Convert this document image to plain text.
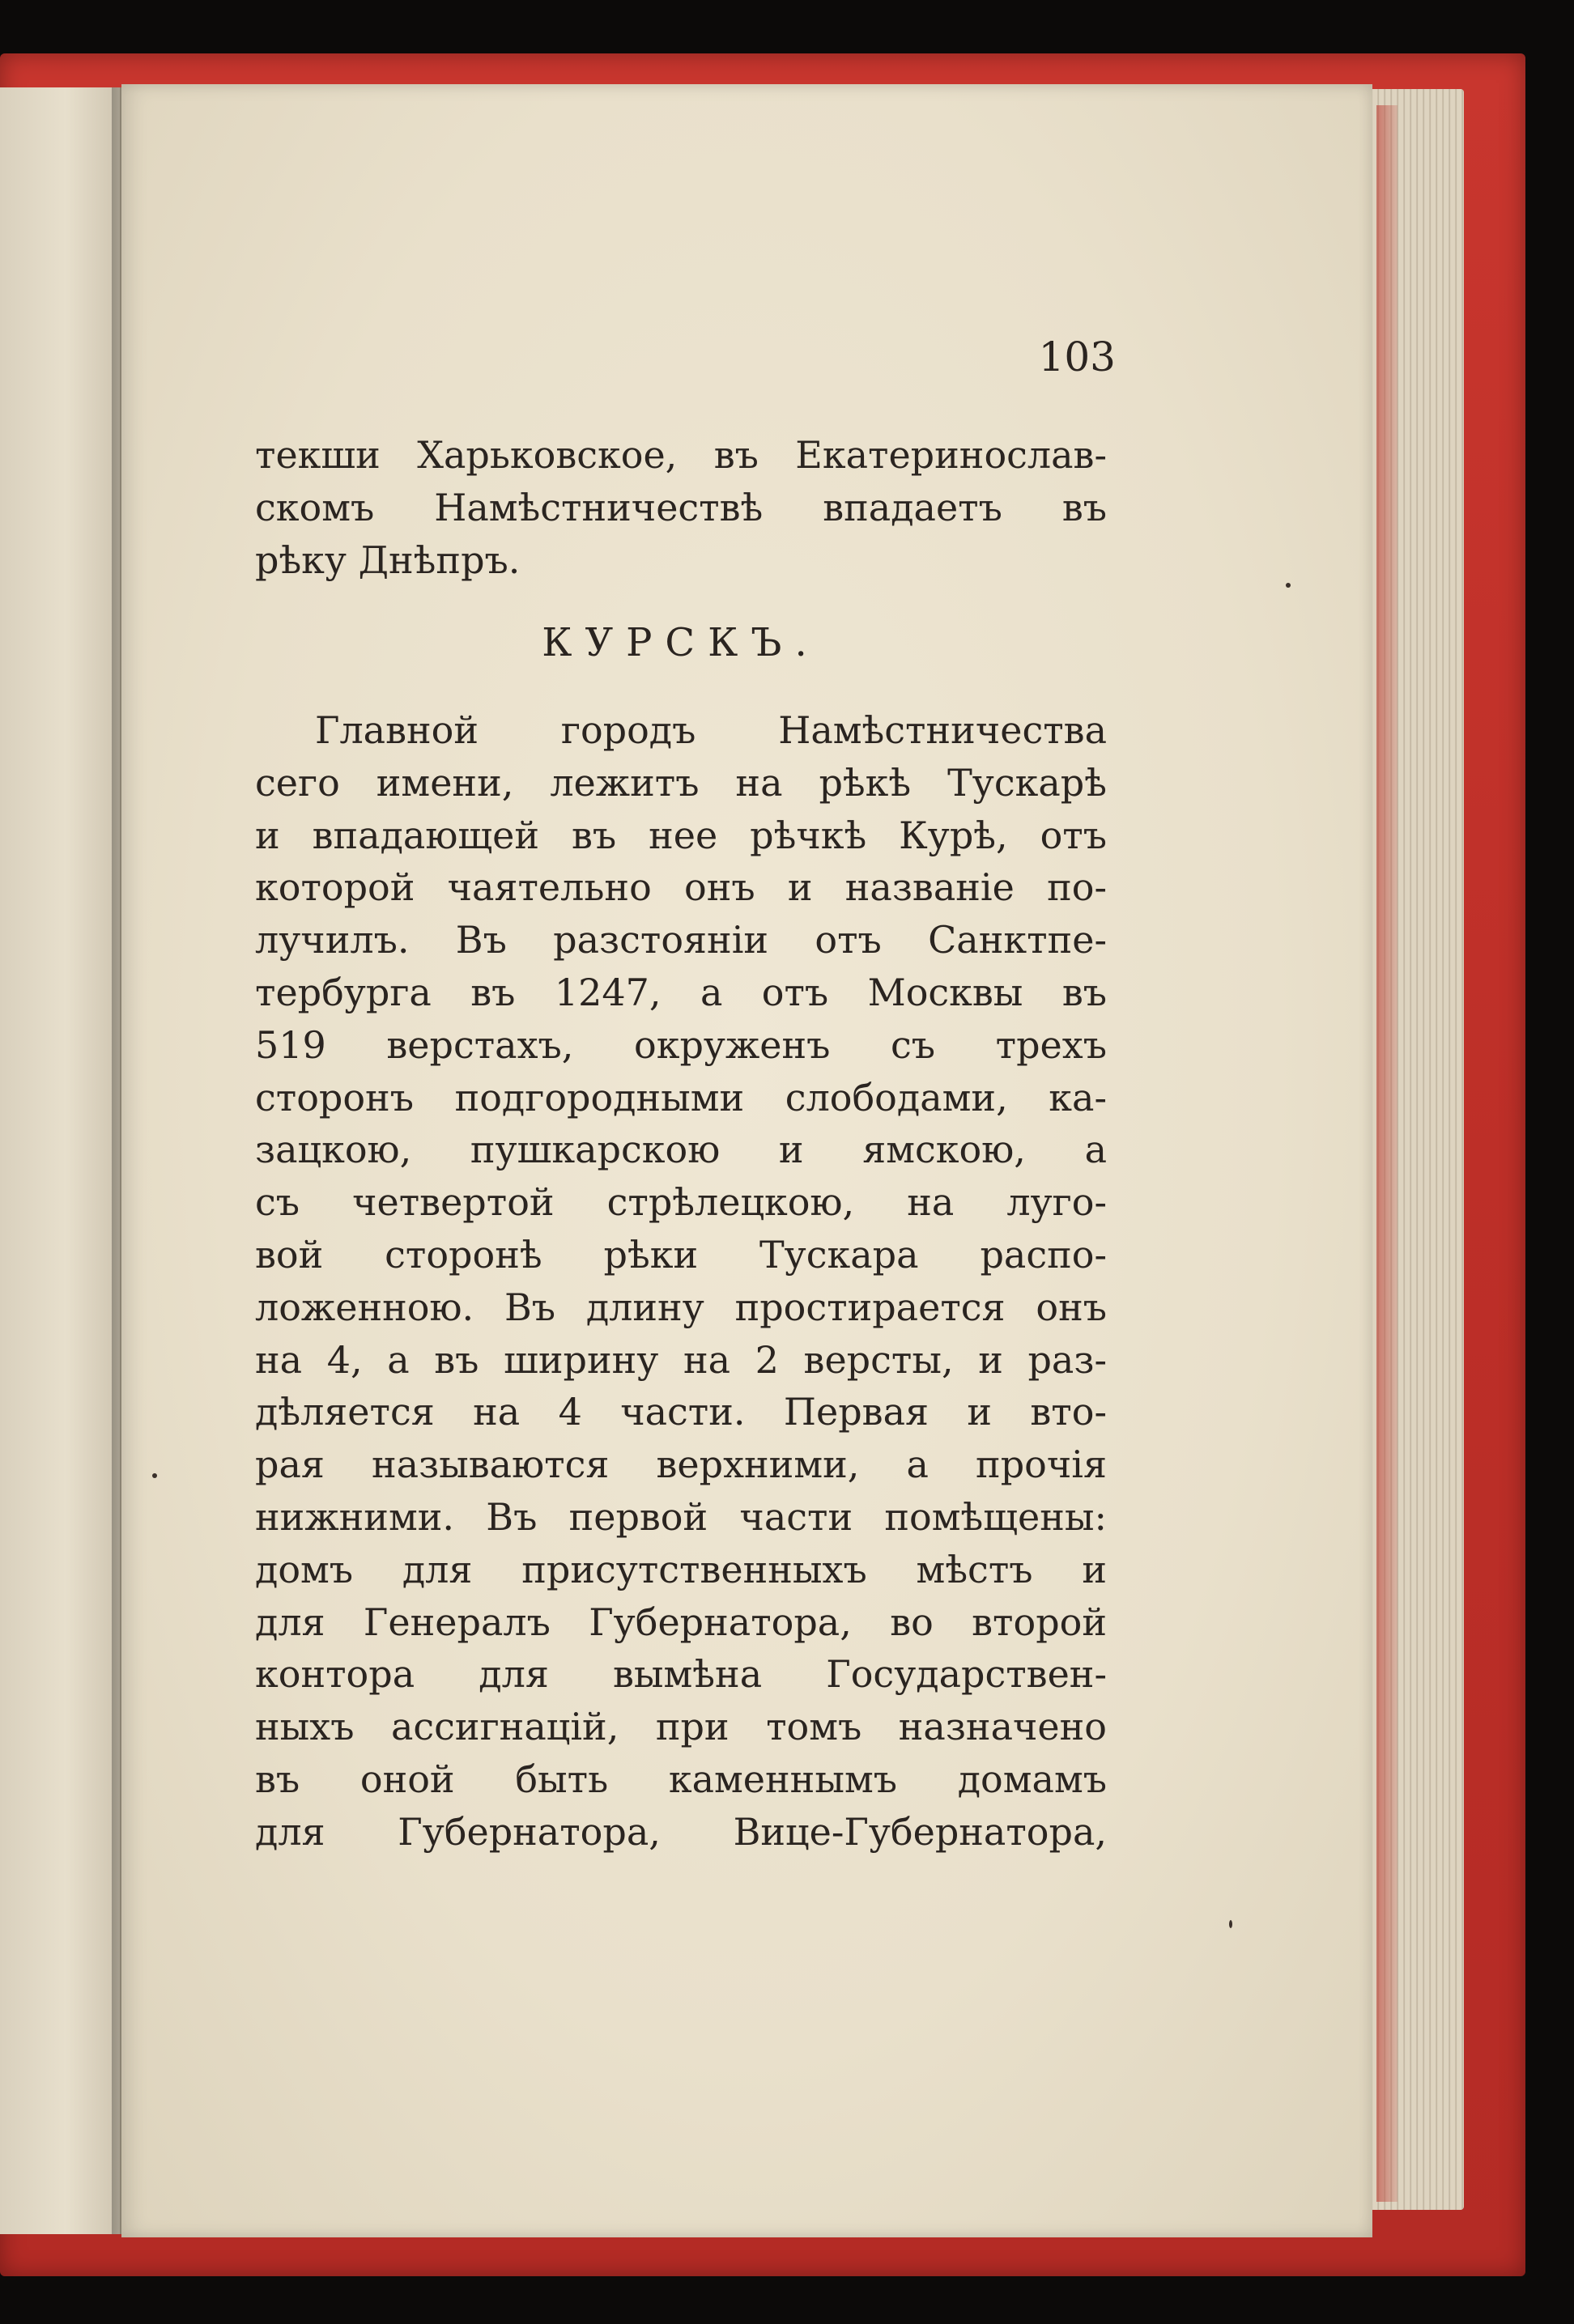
103
текши Харьковское, въ Екатеринослав-
скомъ Намѣстничествѣ впадаетъ въ
рѣку Днѣпръ.
КУРСКЪ.
Главной городъ Намѣстничества
сего имени, лежитъ на рѣкѣ Тускарѣ
и впадающей въ нее рѣчкѣ Курѣ, отъ
которой чаятельно онъ и названіе по-
лучилъ. Въ разстояніи отъ Санктпе-
тербурга въ 1247, а отъ Москвы въ
519 верстахъ, окруженъ съ трехъ
сторонъ подгородными слободами, ка-
зацкою, пушкарскою и ямскою, а
съ четвертой стрѣлецкою, на луго-
вой сторонѣ рѣки Тускара распо-
ложенною. Въ длину простирается онъ
на 4, а въ ширину на 2 версты, и раз-
дѣляется на 4 части. Первая и вто-
рая называются верхними, а прочія
нижними. Въ первой части помѣщены:
домъ для присутственныхъ мѣстъ и
для Генералъ Губернатора, во второй
контора для вымѣна Государствен-
ныхъ ассигнацій, при томъ назначено
въ оной быть каменнымъ домамъ
для Губернатора, Вице-Губернатора,
